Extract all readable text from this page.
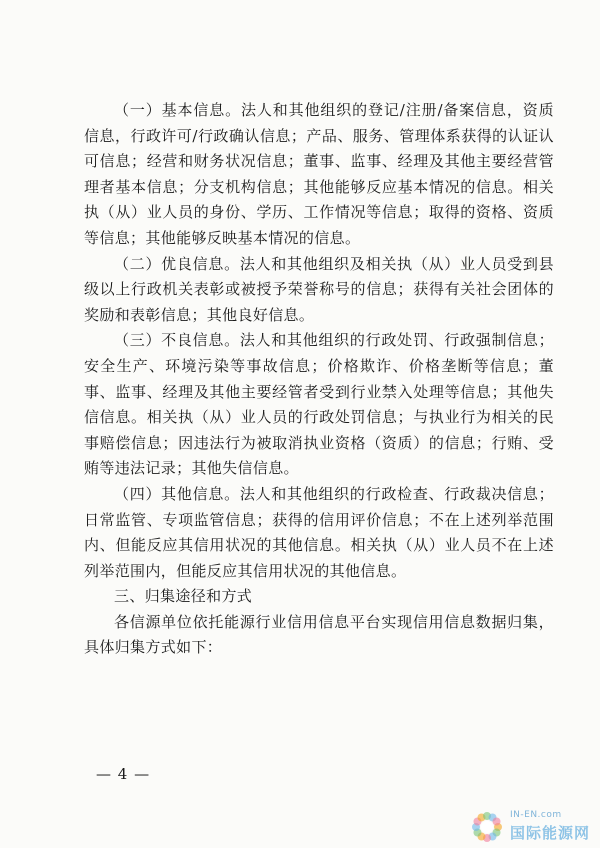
（一）基本信息。法人和其他组织的登记/注册/备案信息，资质信息，行政许可/行政确认信息；产品、服务、管理体系获得的认证认可信息；经营和财务状况信息；董事、监事、经理及其他主要经营管理者基本信息；分支机构信息；其他能够反应基本情况的信息。相关执（从）业人员的身份、学历、工作情况等信息；取得的资格、资质等信息；其他能够反映基本情况的信息。

（二）优良信息。法人和其他组织及相关执（从）业人员受到县级以上行政机关表彰或被授予荣誉称号的信息；获得有关社会团体的奖励和表彰信息；其他良好信息。

（三）不良信息。法人和其他组织的行政处罚、行政强制信息；安全生产、环境污染等事故信息；价格欺诈、价格垄断等信息；董事、监事、经理及其他主要经管者受到行业禁入处理等信息；其他失信信息。相关执（从）业人员的行政处罚信息；与执业行为相关的民事赔偿信息；因违法行为被取消执业资格（资质）的信息；行贿、受贿等违法记录；其他失信信息。

（四）其他信息。法人和其他组织的行政检查、行政裁决信息；日常监管、专项监管信息；获得的信用评价信息；不在上述列举范围内、但能反应其信用状况的其他信息。相关执（从）业人员不在上述列举范围内，但能反应其信用状况的其他信息。

三、归集途径和方式

各信源单位依托能源行业信用信息平台实现信用信息数据归集，具体归集方式如下：

— 4 —
IN-EN.com
国际能源网
